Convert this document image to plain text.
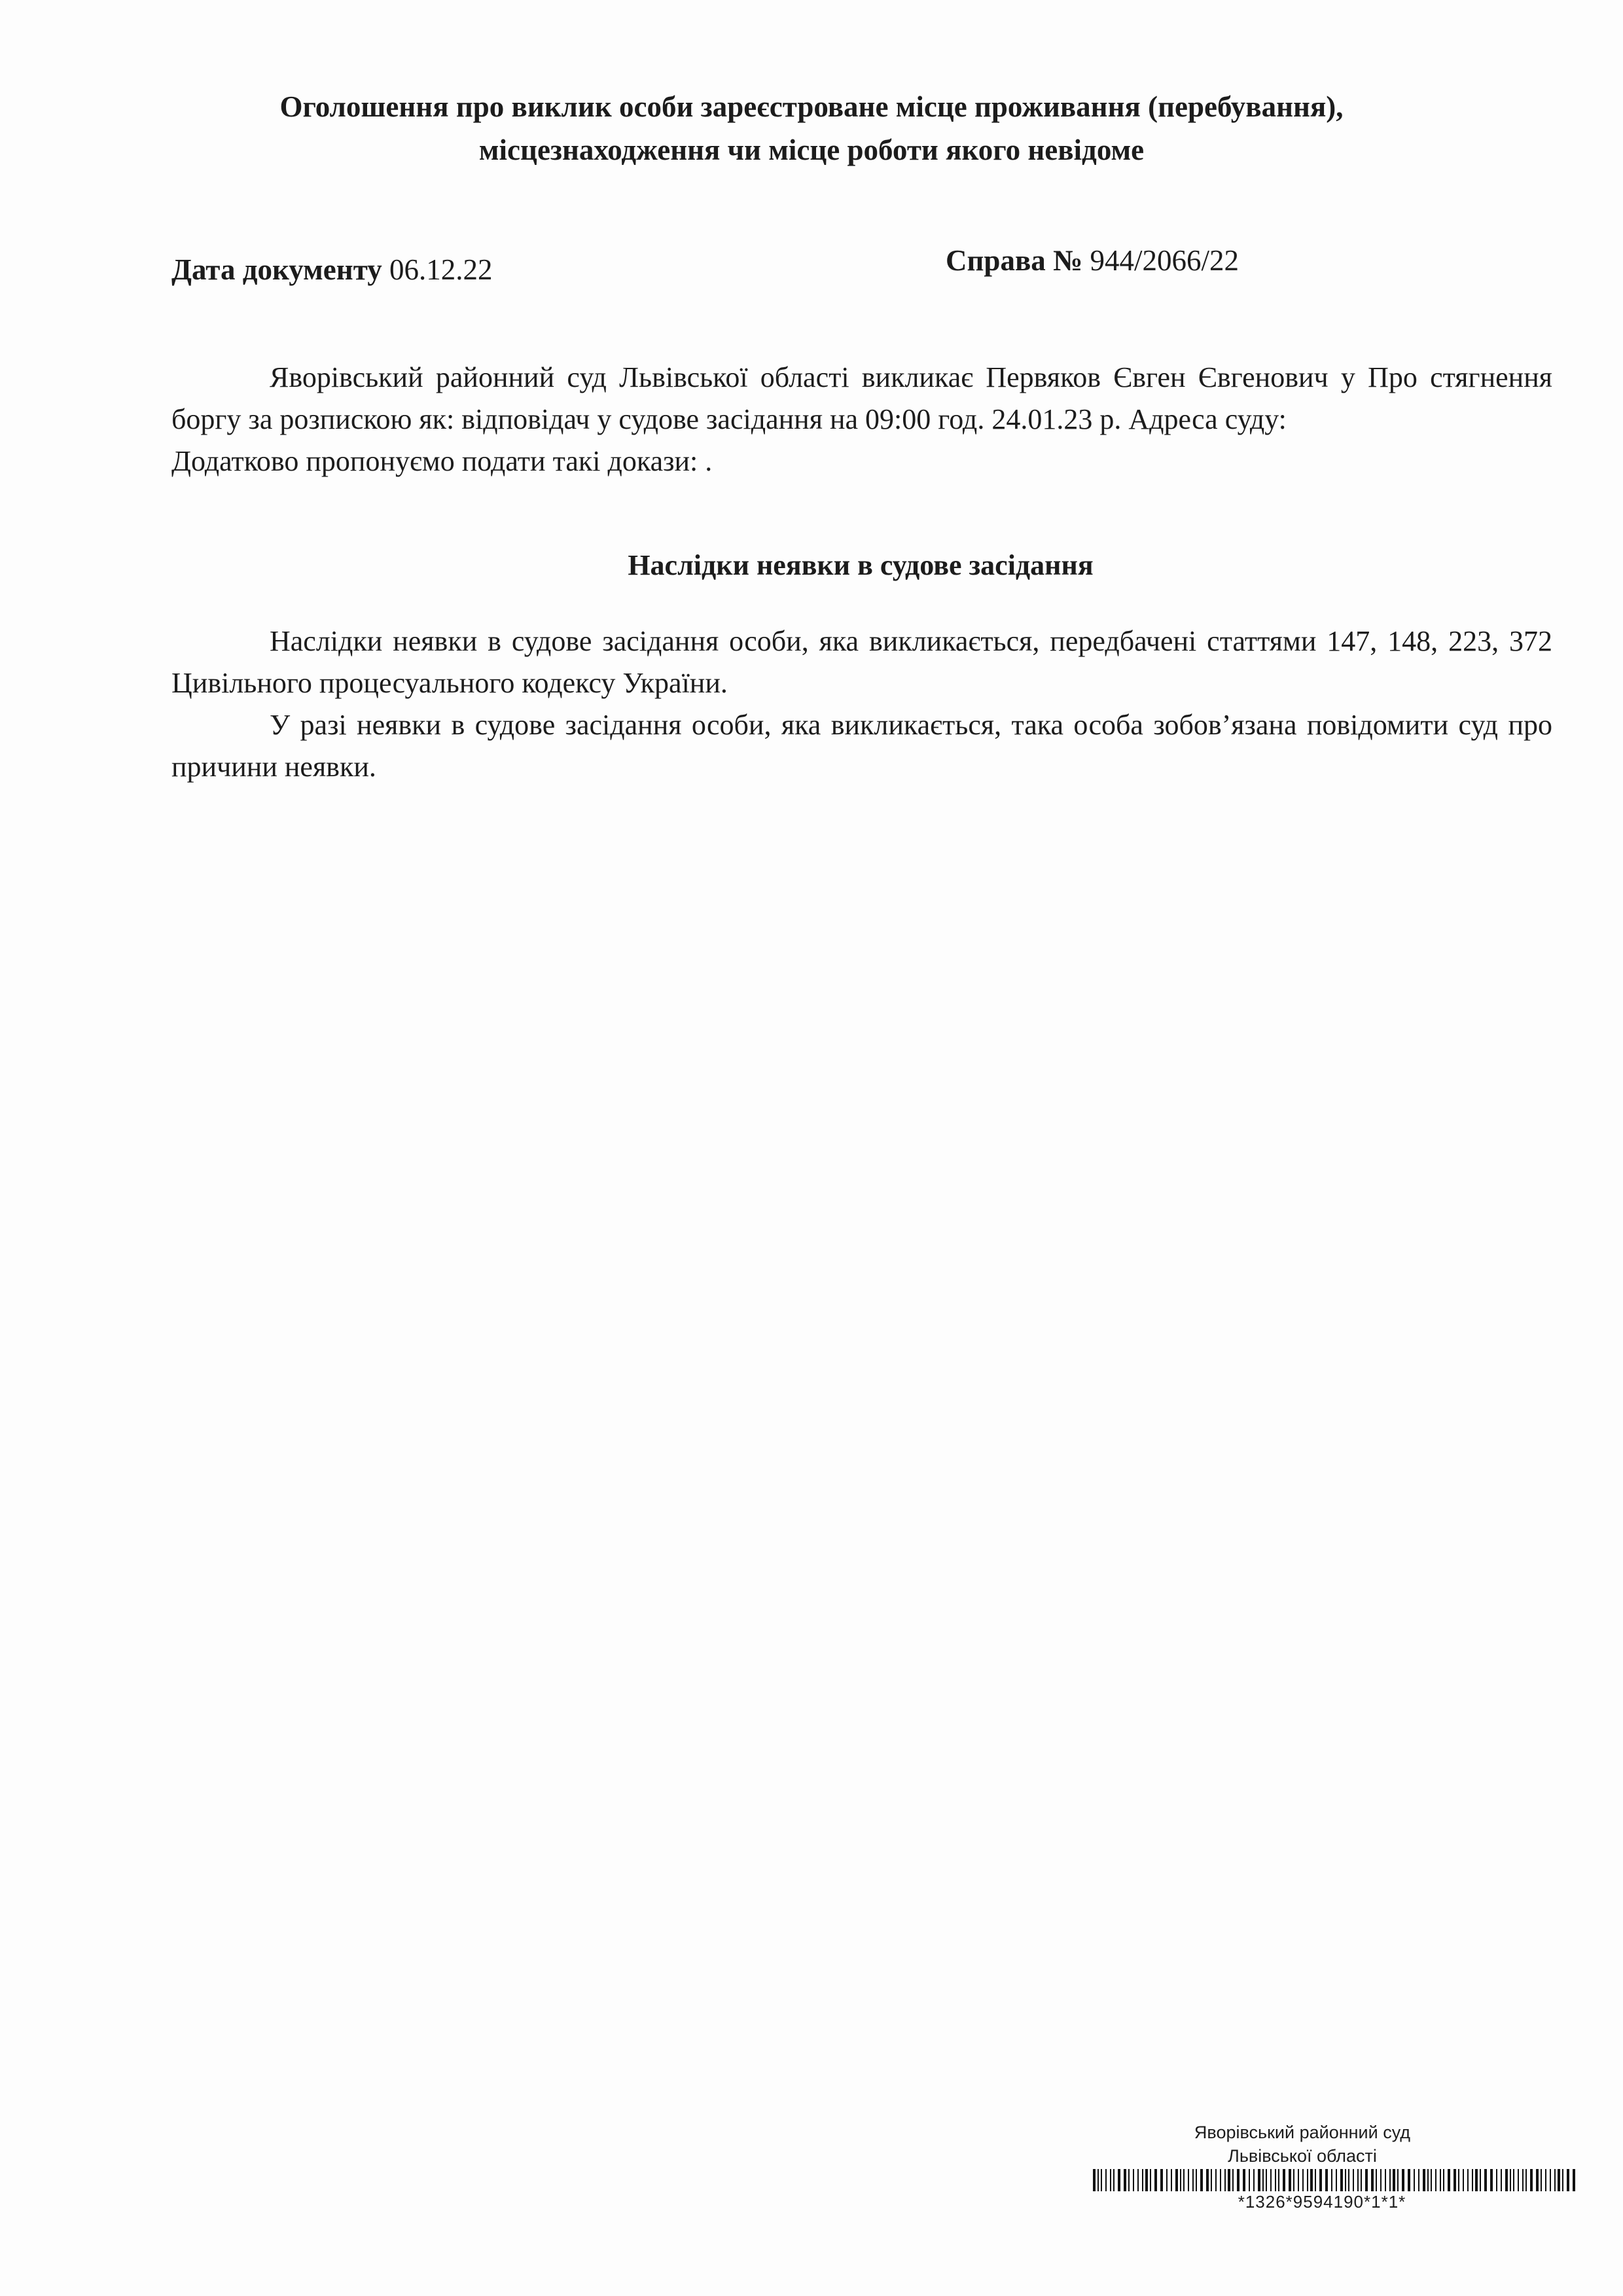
Оголошення про виклик особи зареєстроване місце проживання (перебування),
місцезнаходження чи місце роботи якого невідоме
Дата документу 06.12.22	Справа № 944/2066/22

Яворівський районний суд Львівської області викликає Первяков Євген Євгенович у Про стягнення боргу за розпискою як: відповідач у судове засідання на 09:00 год. 24.01.23 р. Адреса суду:

Додатково пропонуємо подати такі докази: .

Наслідки неявки в судове засідання

Наслідки неявки в судове засідання особи, яка викликається, передбачені статтями 147, 148, 223, 372 Цивільного процесуального кодексу України.

У разі неявки в судове засідання особи, яка викликається, така особа зобов’язана повідомити суд про причини неявки.

Яворівський районний суд
Львівської області
*1326*9594190*1*1*
